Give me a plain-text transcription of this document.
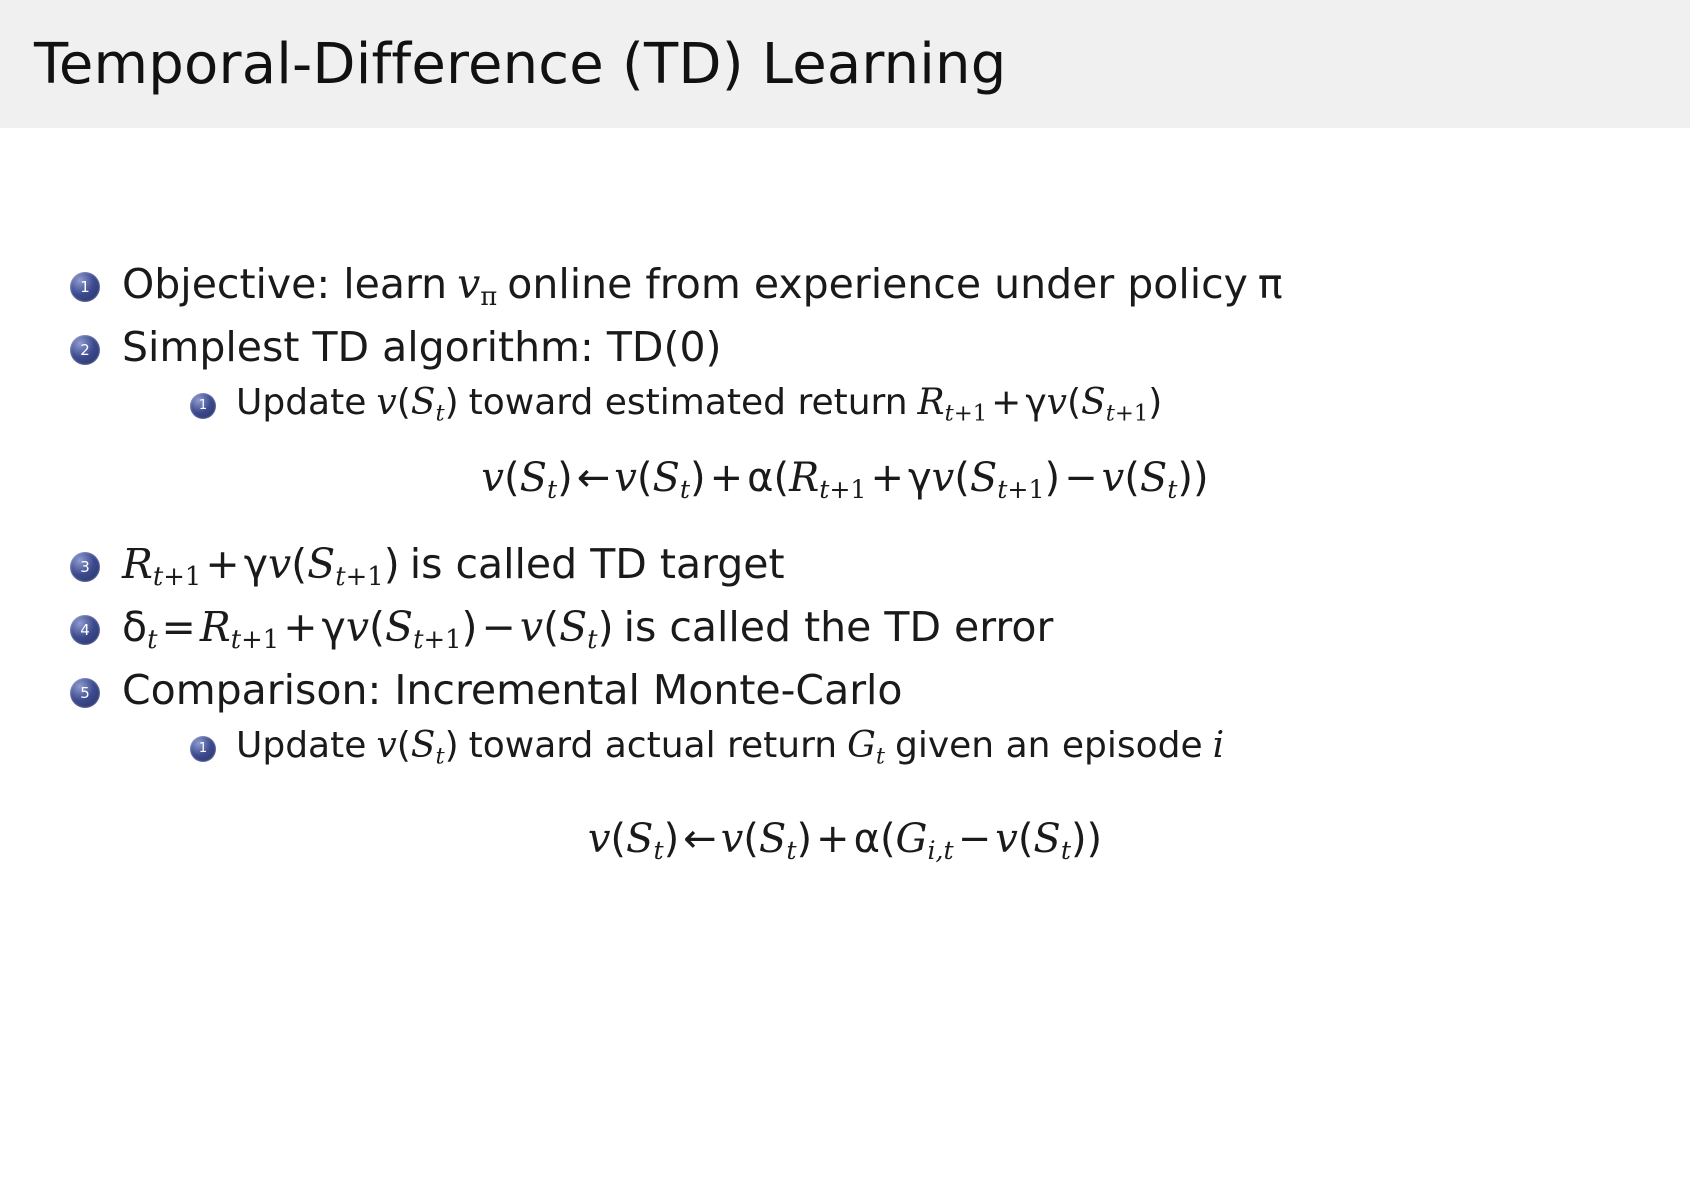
Temporal-Difference (TD) Learning
1 Objective: learn $v_\pi$ online from experience under policy π
2 Simplest TD algorithm: TD(0)
1 Update $v(S_t)$ toward estimated return $R_{t+1} + \gamma v(S_{t+1})$
$v(S_t)$ ← $v(S_t) + \alpha(R_{t+1} + \gamma v(S_{t+1}) - v(S_t))$
3 $R_{t+1}+\gamma v(S_{t+1})$ is called TD target
4 $\delta_t=R_{t+1}+\gamma v(S_{t+1})-v(S_t)$ is called the TD error
5 Comparison: Incremental Monte-Carlo
1 Update $v(S_t)$ toward actual return $G_t$ given an episode i
$v(S_t)$ ← $v(S_t) + \alpha(G_{i,t} - v(S_t))$
